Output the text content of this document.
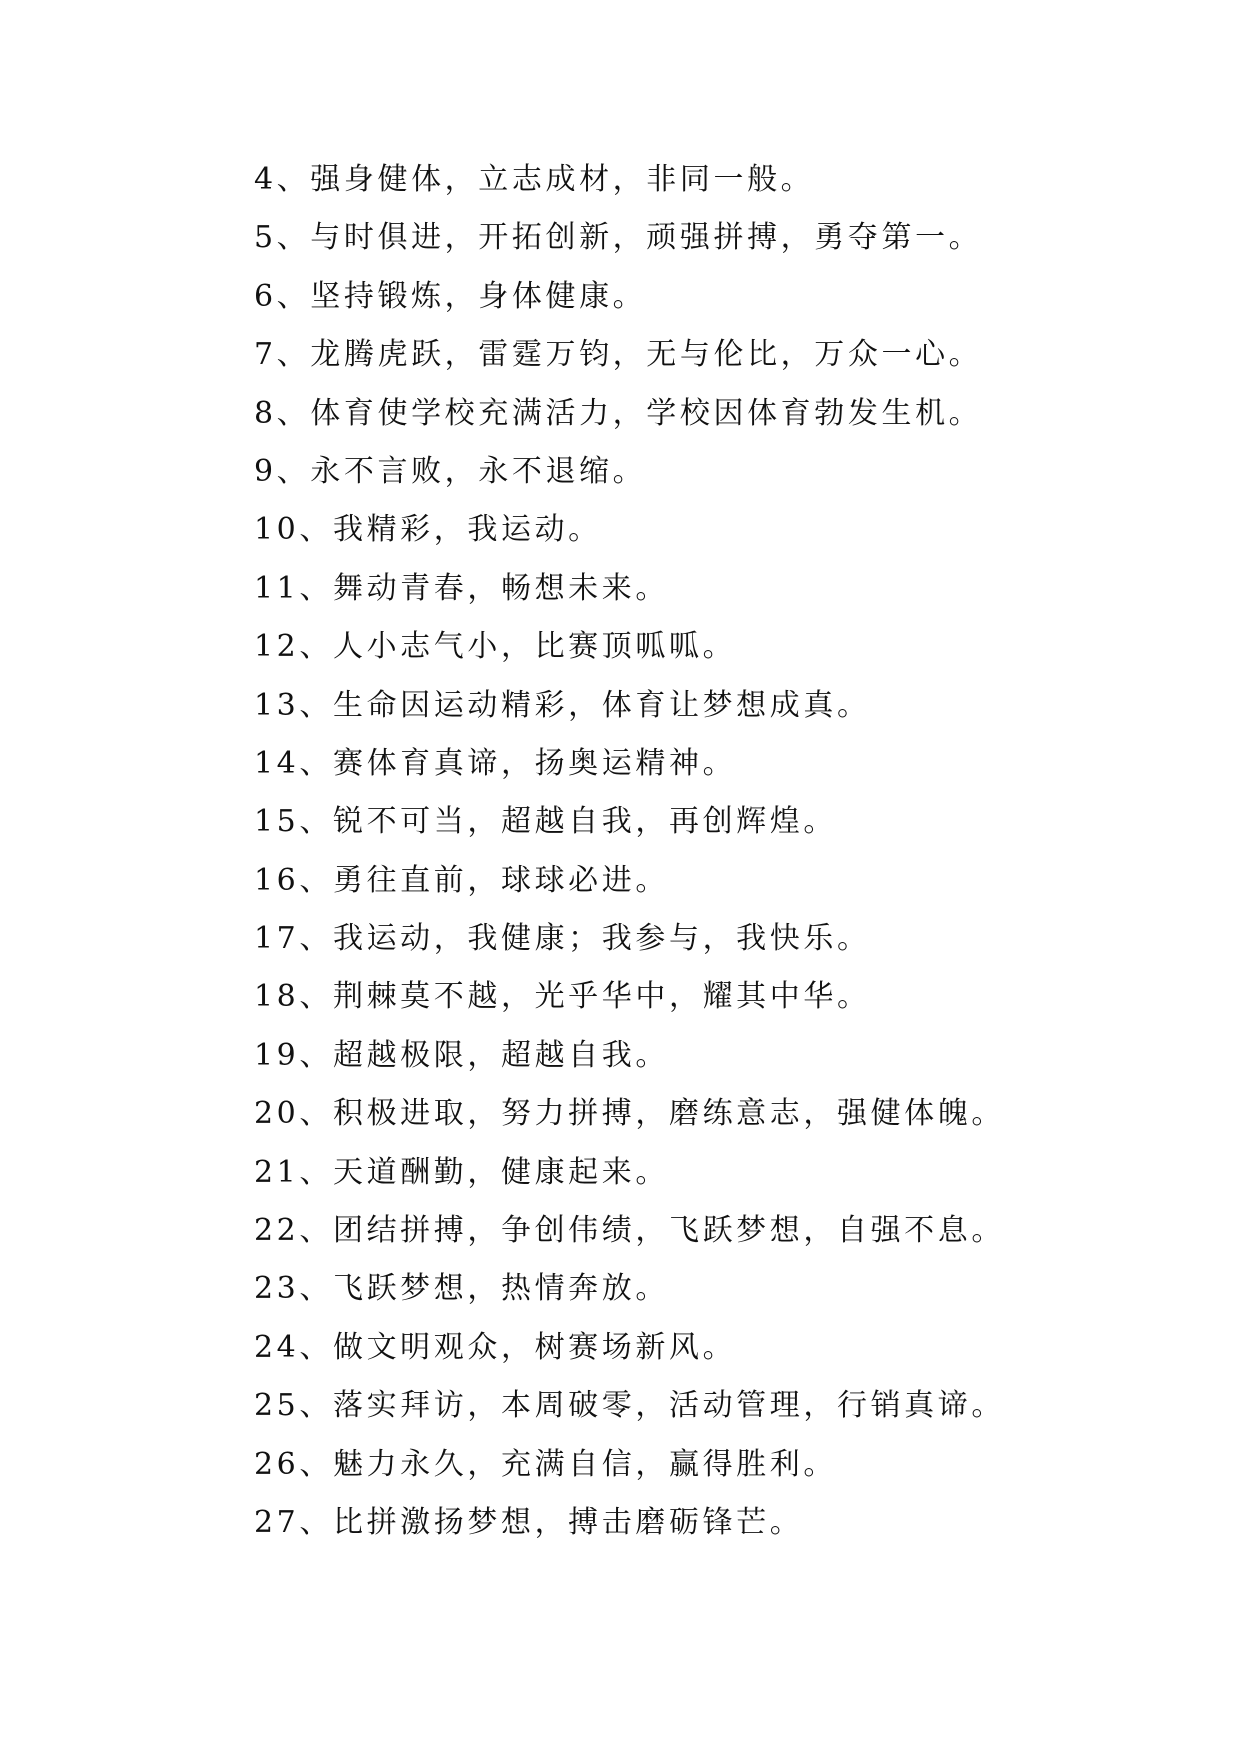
4、强身健体，立志成材，非同一般。
5、与时俱进，开拓创新，顽强拼搏，勇夺第一。
6、坚持锻炼，身体健康。
7、龙腾虎跃，雷霆万钧，无与伦比，万众一心。
8、体育使学校充满活力，学校因体育勃发生机。
9、永不言败，永不退缩。
10、我精彩，我运动。
11、舞动青春，畅想未来。
12、人小志气小，比赛顶呱呱。
13、生命因运动精彩，体育让梦想成真。
14、赛体育真谛，扬奥运精神。
15、锐不可当，超越自我，再创辉煌。
16、勇往直前，球球必进。
17、我运动，我健康；我参与，我快乐。
18、荆棘莫不越，光乎华中，耀其中华。
19、超越极限，超越自我。
20、积极进取，努力拼搏，磨练意志，强健体魄。
21、天道酬勤，健康起来。
22、团结拼搏，争创伟绩，飞跃梦想，自强不息。
23、飞跃梦想，热情奔放。
24、做文明观众，树赛场新风。
25、落实拜访，本周破零，活动管理，行销真谛。
26、魅力永久，充满自信，赢得胜利。
27、比拼激扬梦想，搏击磨砺锋芒。
